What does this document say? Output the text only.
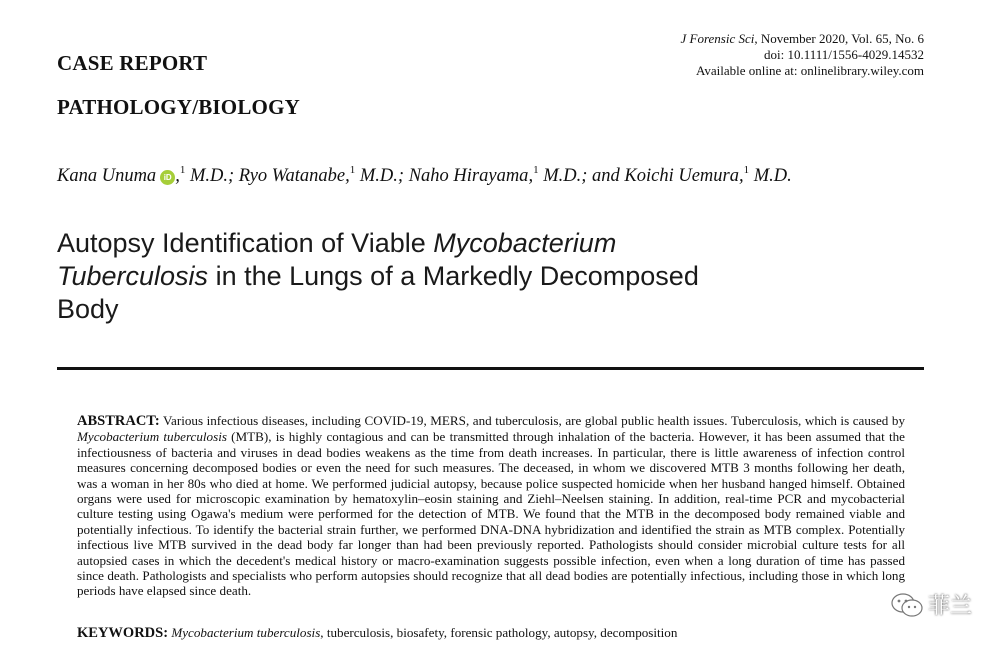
J Forensic Sci, November 2020, Vol. 65, No. 6
doi: 10.1111/1556-4029.14532
Available online at: onlinelibrary.wiley.com
CASE REPORT
PATHOLOGY/BIOLOGY
Kana Unuma iD ,$^1$ M.D.; Ryo Watanabe,$^1$ M.D.; Naho Hirayama,$^1$ M.D.; and Koichi Uemura,$^1$ M.D.
Autopsy Identification of Viable Mycobacterium Tuberculosis in the Lungs of a Markedly Decomposed Body
ABSTRACT: Various infectious diseases, including COVID-19, MERS, and tuberculosis, are global public health issues. Tuberculosis, which is caused by Mycobacterium tuberculosis (MTB), is highly contagious and can be transmitted through inhalation of the bacteria. However, it has been assumed that the infectiousness of bacteria and viruses in dead bodies weakens as the time from death increases. In particular, there is little awareness of infection control measures concerning decomposed bodies or even the need for such measures. The deceased, in whom we discovered MTB 3 months following her death, was a woman in her 80s who died at home. We performed judicial autopsy, because police suspected homicide when her husband hanged himself. Obtained organs were used for microscopic examination by hematoxylin–eosin staining and Ziehl–Neelsen staining. In addition, real-time PCR and mycobacterial culture testing using Ogawa's medium were performed for the detection of MTB. We found that the MTB in the decomposed body remained viable and potentially infectious. To identify the bacterial strain further, we performed DNA-DNA hybridization and identified the strain as MTB complex. Potentially infectious live MTB survived in the dead body far longer than had been previously reported. Pathologists should consider microbial culture tests for all autopsied cases in which the decedent's medical history or macro-examination suggests possible infection, even when a long duration of time has passed since death. Pathologists and specialists who perform autopsies should recognize that all dead bodies are potentially infectious, including those in which long periods have elapsed since death.
KEYWORDS: Mycobacterium tuberculosis, tuberculosis, biosafety, forensic pathology, autopsy, decomposition
菲兰
